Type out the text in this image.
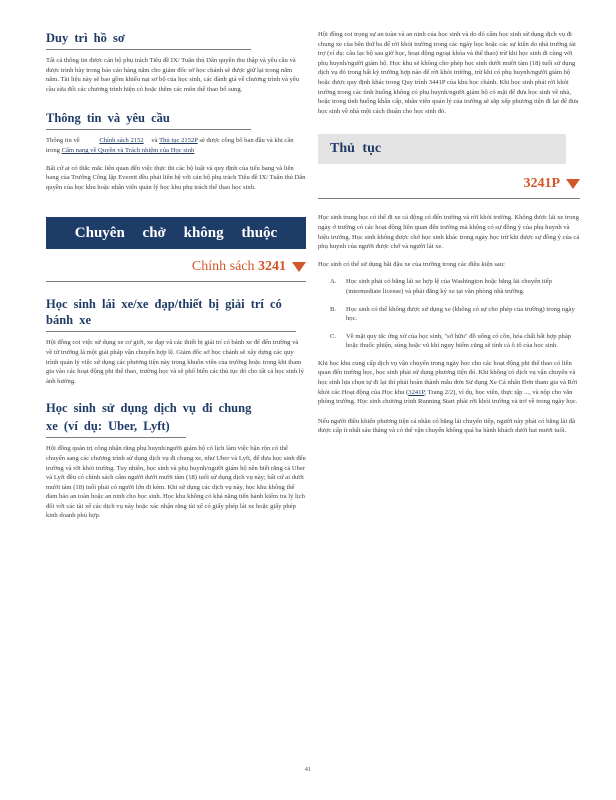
Duy trì hồ sơ
Tất cả thông tin được cán bộ phụ trách Tiêu đề IX/ Tuân thủ Dân quyền thu thập và yêu cầu và được trình bày trong báo cáo hàng năm cho giám đốc sở học chánh sẽ được giữ lại trong năm năm. Tài liệu này sẽ bao gồm khiếu nại sơ bộ của học sinh, các đánh giá về chương trình và yêu cầu sửa đổi các chương trình hiện có hoặc thêm các môn thể thao bổ sung.
Thông tin và yêu cầu
Thông tin về	Chính sách 2152 và Thủ tục 2152P sẽ được công bố ban đầu và khi cần trong Cẩm nang về Quyền và Trách nhiệm của Học sinh
Bất cứ ai có thắc mắc liên quan đến việc thực thi các bộ luật và quy định của tiểu bang và liên bang của Trường Công lập Everett đều phải liên hệ với cán bộ phụ trách Tiêu đề IX/ Tuân thủ Dân quyền của học khu hoặc nhân viên quản lý học khu phụ trách thể thao học sinh.
Chuyên chở không thuộc học khu
Chính sách 3241
Học sinh lái xe/xe đạp/thiết bị giải trí có bánh xe
Hội đồng coi việc sử dụng xe cơ giới, xe đạp và các thiết bị giải trí có bánh xe để đến trường và về từ trường là một giải pháp vận chuyển hợp lệ. Giám đốc sở học chánh sẽ xây dựng các quy trình quản lý việc sử dụng các phương tiện này trong khuôn viên của trường hoặc trong khi tham gia vào các hoạt động phi thể thao, trường học và sẽ phổ biến các thủ tục đó cho tất cả học sinh lý ảnh hưởng.
Học sinh sử dụng dịch vụ đi chung
xe (ví dụ: Uber, Lyft)
Hội đồng quản trị công nhận rằng phụ huynh/người giám hộ có lịch làm việc bận rộn có thể chuyển sang các chương trình sử dụng dịch vụ đi chung xe, như Uber và Lyft, để đưa học sinh đến trường và rời khỏi trường. Tuy nhiên, học sinh và phụ huynh/người giám hộ nên biết rằng cả Uber và Lyft đều có chính sách cấm người dưới mười tám (18) tuổi sử dụng dịch vụ này; bất cứ ai dưới mười tám (18) tuổi phải có người lớn đi kèm. Khi sử dụng các dịch vụ này, học khu không thể đảm bảo an toàn hoặc an ninh cho học sinh. Học khu không có khả năng tiến hành kiểm tra lý lịch đối với các tài xế các dịch vụ này hoặc xác nhận rằng tài xế có giấy phép lái xe hoặc giấy phép kinh doanh phù hợp.
Hội đồng coi trọng sự an toàn và an ninh của học sinh và do đó cấm học sinh sử dụng dịch vụ đi chung xe của bên thứ ba để rời khỏi trường trong các ngày học hoặc các sự kiện do nhà trường tài trợ (ví dụ: câu lạc bộ sau giờ học, hoạt động ngoại khóa và thể thao) trừ khi học sinh đi cùng với phụ huynh/người giám hộ. Học khu sẽ không cho phép học sinh dưới mười tám (18) tuổi sử dụng dịch vụ đó trong bất kỳ trường hợp nào để rời khỏi trường, trừ khi có phụ huynh/người giám hộ hoặc được quy định khác trong Quy trình 3441P của khu học chánh. Khi học sinh phải rời khỏi trường trong các tình huống không có phụ huynh/người giám hộ có mặt để đưa học sinh về nhà, hoặc trong tình huống khẩn cấp, nhân viên quản lý của trường sẽ sắp xếp phương tiện đi lại để đưa học sinh về nhà một cách thuận cho học sinh đó.
Thủ tục
3241P
Học sinh trung học có thể đi xe cá động có đến trường và rời khỏi trường. Không được lái xe trong ngày ở trường có các hoạt động liên quan đến trường mà không có sự đồng ý của phụ huynh và hiệu trưởng. Học sinh không được chở học sinh khác trong ngày học trừ khi được sự đồng ý của cả phụ huynh của người được chở và người lái xe.
Học sinh có thể sử dụng bãi đậu xe của trường trong các điều kiện sau:
A.	Học sinh phải có bằng lái xe hợp lệ của Washington hoặc bằng lái chuyển tiếp (intermediate license) và phải đăng ký xe tại văn phòng nhà trường.
B.	Học sinh có thể không được sử dụng xe (không có sự cho phép của trường) trong ngày học.
C.	Về mặt quy tắc ứng xử của học sinh, "sở hữu" đồ uống có cồn, hóa chất bất hợp pháp hoặc thuốc phiện, súng hoặc vũ khí nguy hiểm cũng sẽ tính cả ô tô của học sinh.
Khi học khu cung cấp dịch vụ vận chuyển trong ngày học cho các hoạt động phi thể thao có liên quan đến trường học, học sinh phải sử dụng phương tiện đó. Khi không có dịch vụ vận chuyển và học sinh lựa chọn tự đi lại thì phải hoàn thành mẫu đơn Sử dụng Xe Cá nhân Đơn tham gia và Rời khỏi các Hoạt động của Học khu (3241P, Trang 2/2), ví dụ, học viên, thực tập ..., và nộp cho văn phòng trường. Học sinh chương trình Running Start phải rời khỏi trường và trở về trong ngày học.
Nếu người điều khiển phương tiện cá nhân có bằng lái chuyển tiếp, người này phải có bằng lái đã được cấp ít nhất sáu tháng và có thể vận chuyển không quá ba hành khách dưới hai mươi tuổi.
41
